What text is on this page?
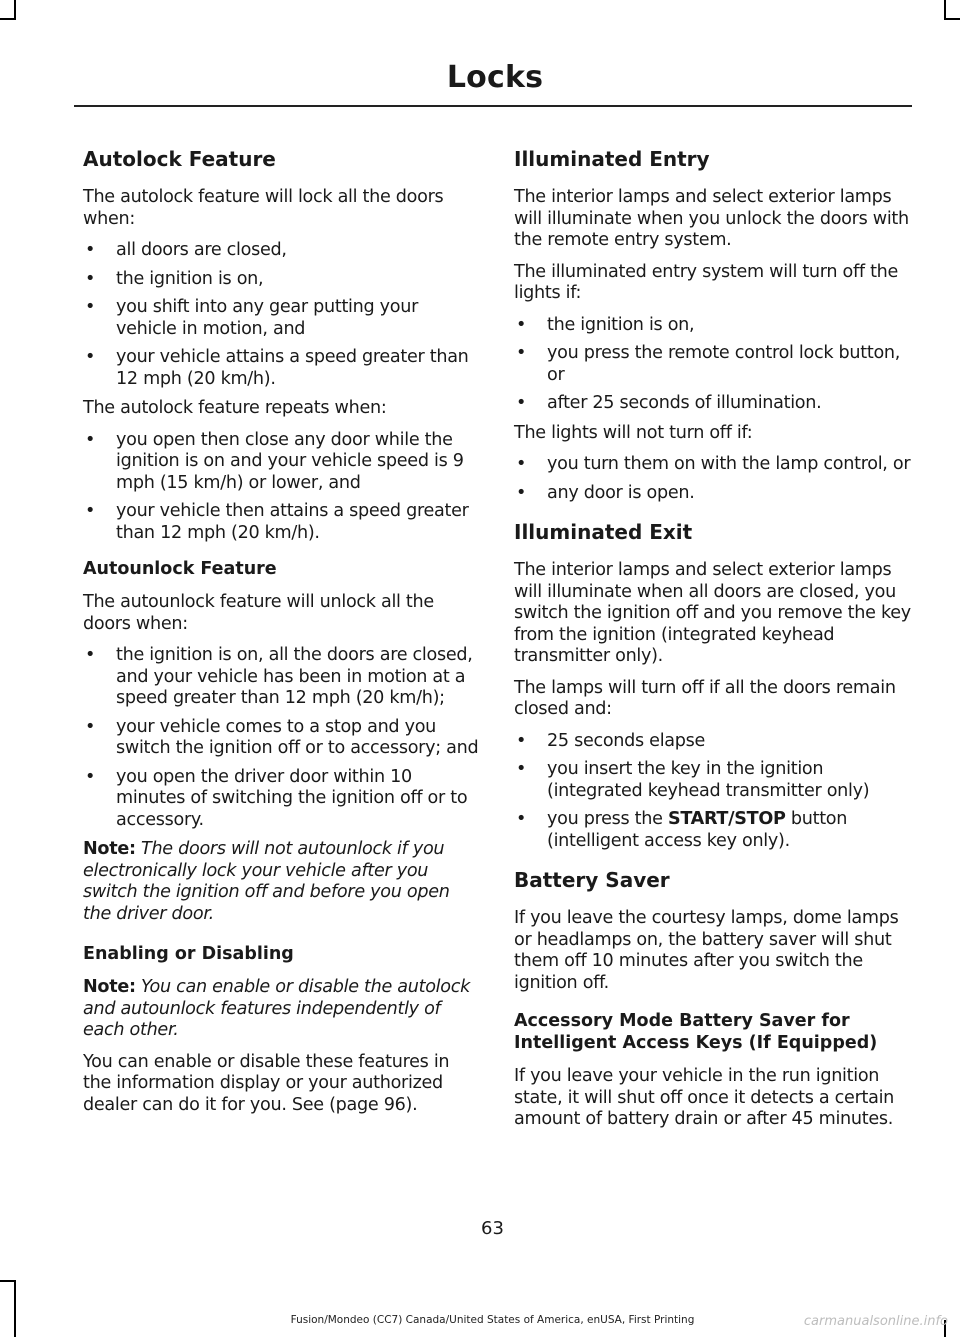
Locks
Autolock Feature

The autolock feature will lock all the doors when:

• all doors are closed,
• the ignition is on,
• you shift into any gear putting your vehicle in motion, and
• your vehicle attains a speed greater than 12 mph (20 km/h).

The autolock feature repeats when:

• you open then close any door while the ignition is on and your vehicle speed is 9 mph (15 km/h) or lower, and
• your vehicle then attains a speed greater than 12 mph (20 km/h).
Autounlock Feature

The autounlock feature will unlock all the doors when:

• the ignition is on, all the doors are closed, and your vehicle has been in motion at a speed greater than 12 mph (20 km/h);
• your vehicle comes to a stop and you switch the ignition off or to accessory; and
• you open the driver door within 10 minutes of switching the ignition off or to accessory.

Note: The doors will not autounlock if you electronically lock your vehicle after you switch the ignition off and before you open the driver door.

Enabling or Disabling

Note: You can enable or disable the autolock and autounlock features independently of each other.

You can enable or disable these features in the information display or your authorized dealer can do it for you. See (page 96).

Illuminated Entry

The interior lamps and select exterior lamps will illuminate when you unlock the doors with the remote entry system.

The illuminated entry system will turn off the lights if:

• the ignition is on,
• you press the remote control lock button, or
• after 25 seconds of illumination.

The lights will not turn off if:

• you turn them on with the lamp control, or
• any door is open.
Illuminated Exit

The interior lamps and select exterior lamps will illuminate when all doors are closed, you switch the ignition off and you remove the key from the ignition (integrated keyhead transmitter only).

The lamps will turn off if all the doors remain closed and:

• 25 seconds elapse
• you insert the key in the ignition (integrated keyhead transmitter only)
• you press the START/STOP button (intelligent access key only).
Battery Saver

If you leave the courtesy lamps, dome lamps or headlamps on, the battery saver will shut them off 10 minutes after you switch the ignition off.

Accessory Mode Battery Saver for Intelligent Access Keys (If Equipped)

If you leave your vehicle in the run ignition state, it will shut off once it detects a certain amount of battery drain or after 45 minutes.

63
Fusion/Mondeo (CC7) Canada/United States of America, enUSA, First Printing	carmanualsonline.info
